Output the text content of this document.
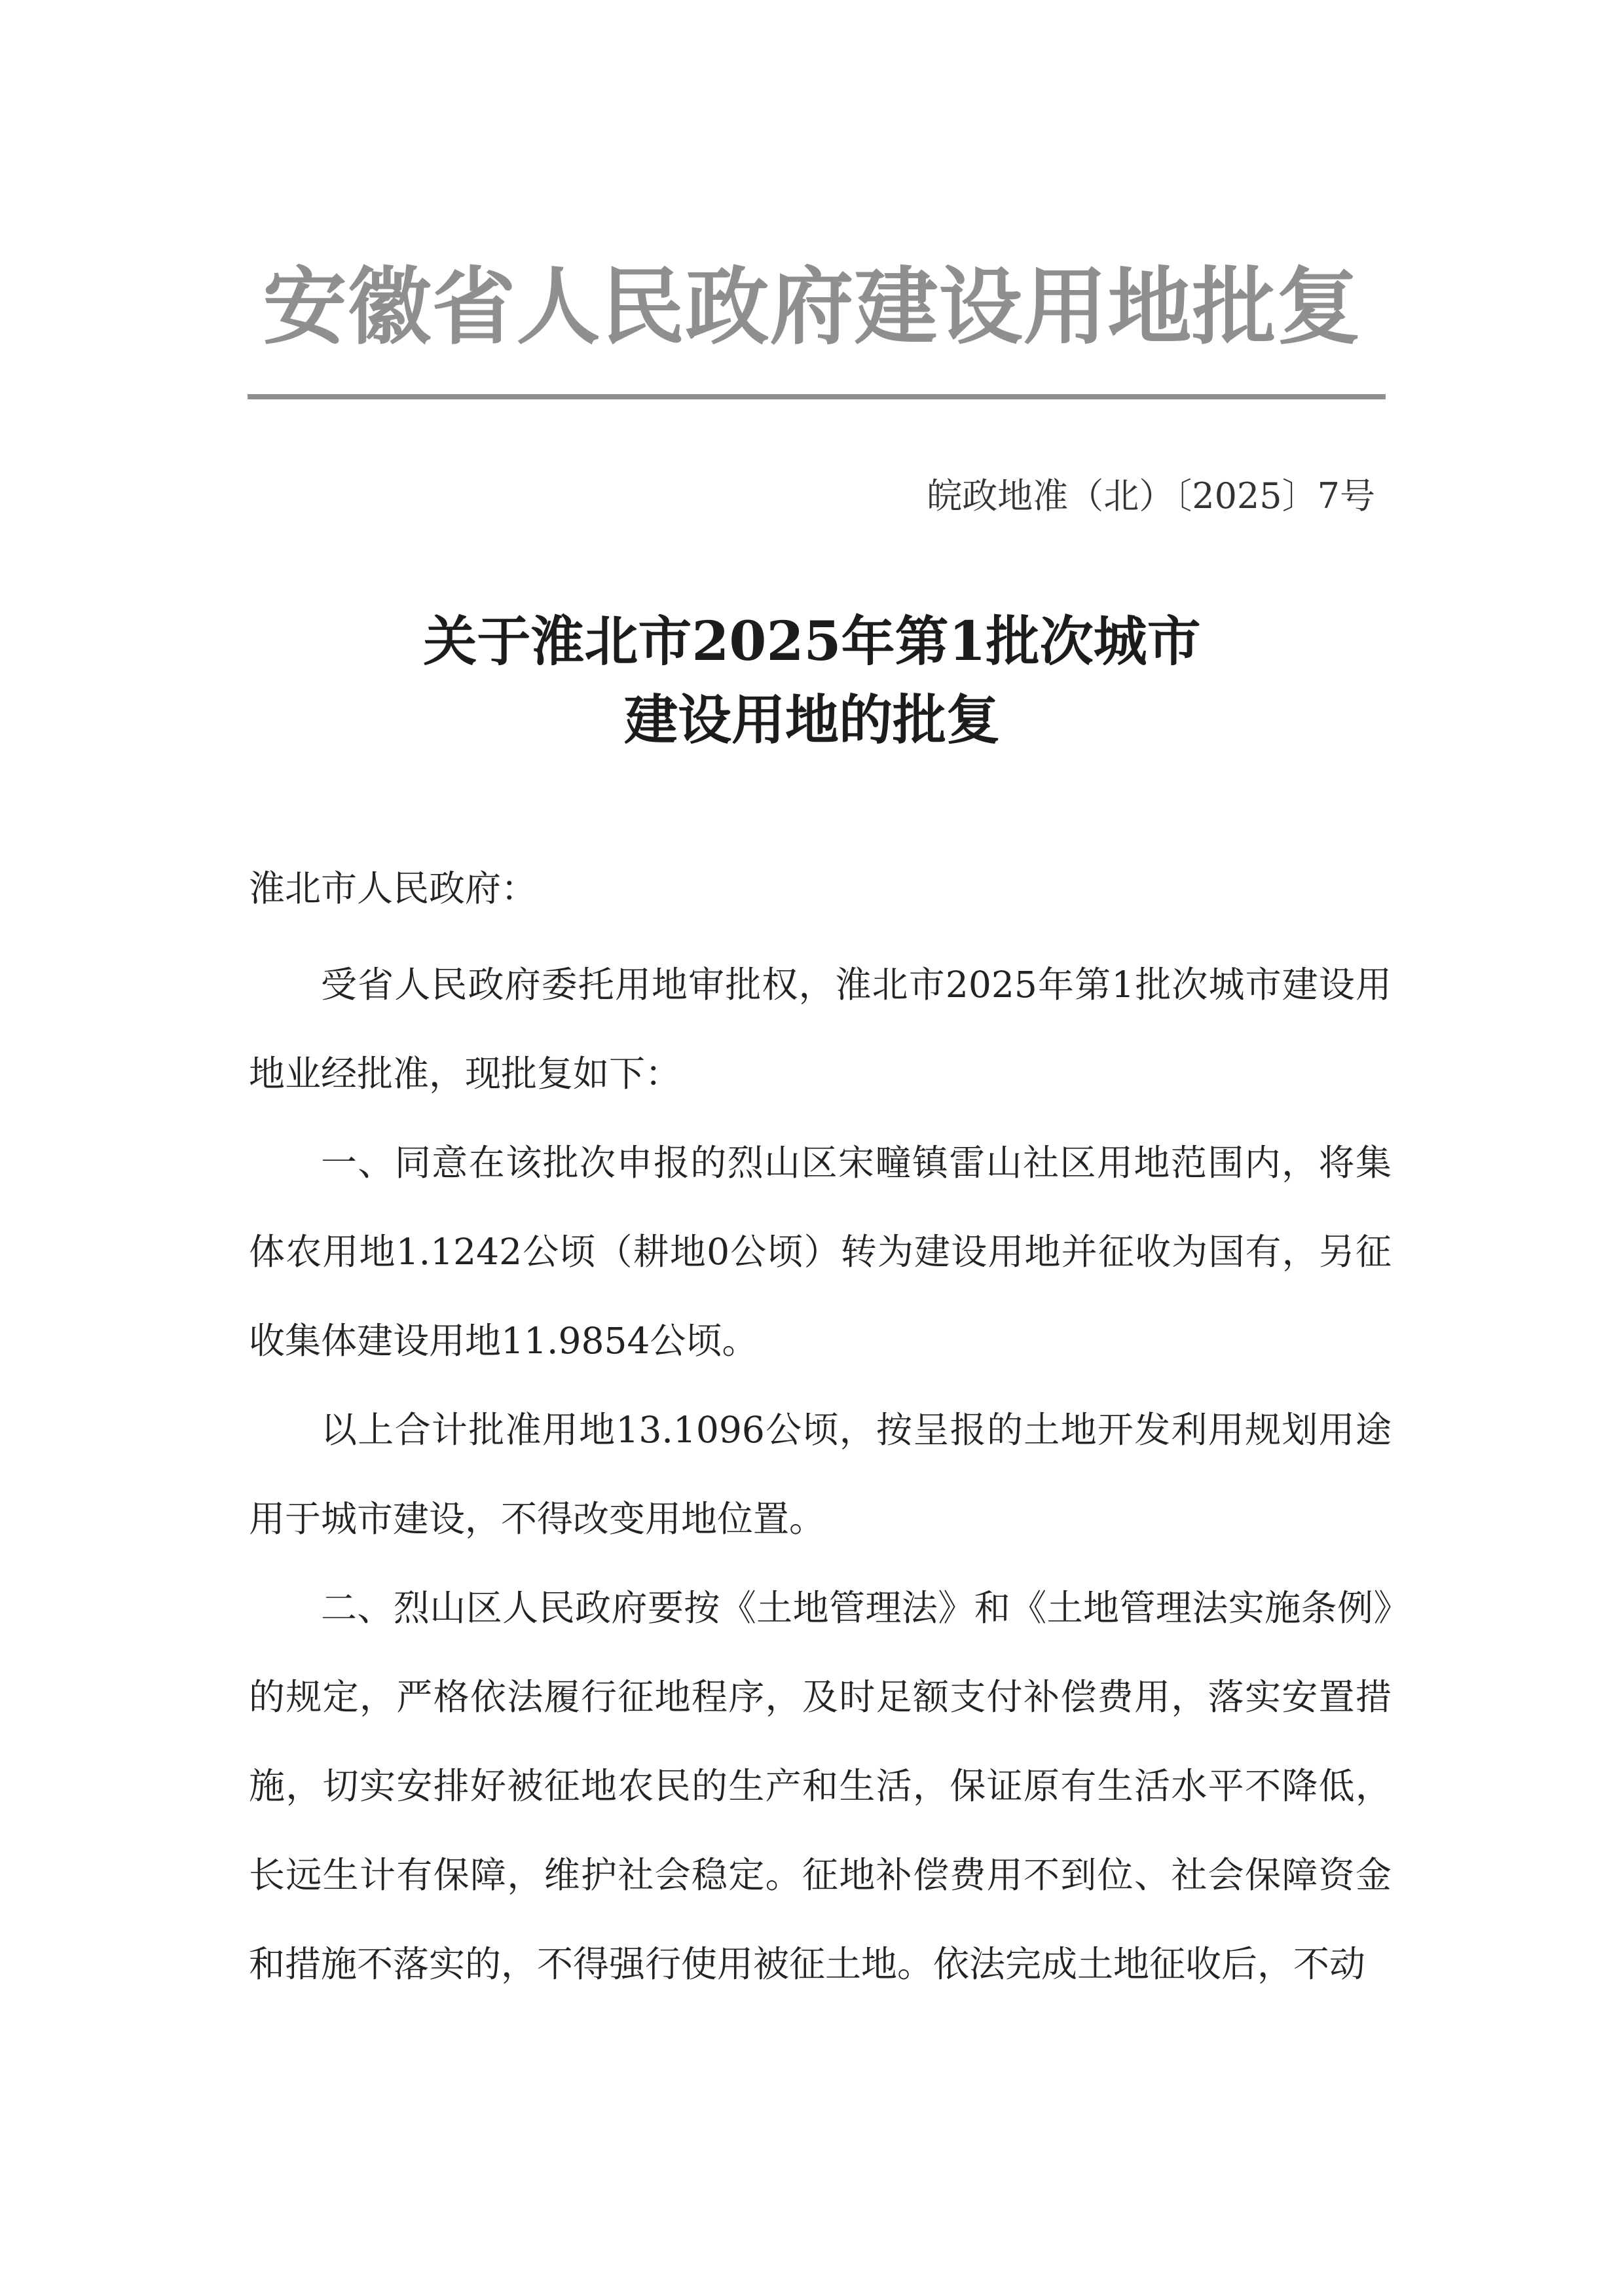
安徽省人民政府建设用地批复
皖政地准（北）〔2025〕7号
关于淮北市2025年第1批次城市
建设用地的批复
淮北市人民政府：

受省人民政府委托用地审批权，淮北市2025年第1批次城市建设用地业经批准，现批复如下：

一、同意在该批次申报的烈山区宋疃镇雷山社区用地范围内，将集体农用地1.1242公顷（耕地0公顷）转为建设用地并征收为国有，另征收集体建设用地11.9854公顷。

以上合计批准用地13.1096公顷，按呈报的土地开发利用规划用途用于城市建设，不得改变用地位置。

二、烈山区人民政府要按《土地管理法》和《土地管理法实施条例》的规定，严格依法履行征地程序，及时足额支付补偿费用，落实安置措施，切实安排好被征地农民的生产和生活，保证原有生活水平不降低，长远生计有保障，维护社会稳定。征地补偿费用不到位、社会保障资金和措施不落实的，不得强行使用被征土地。依法完成土地征收后，不动
